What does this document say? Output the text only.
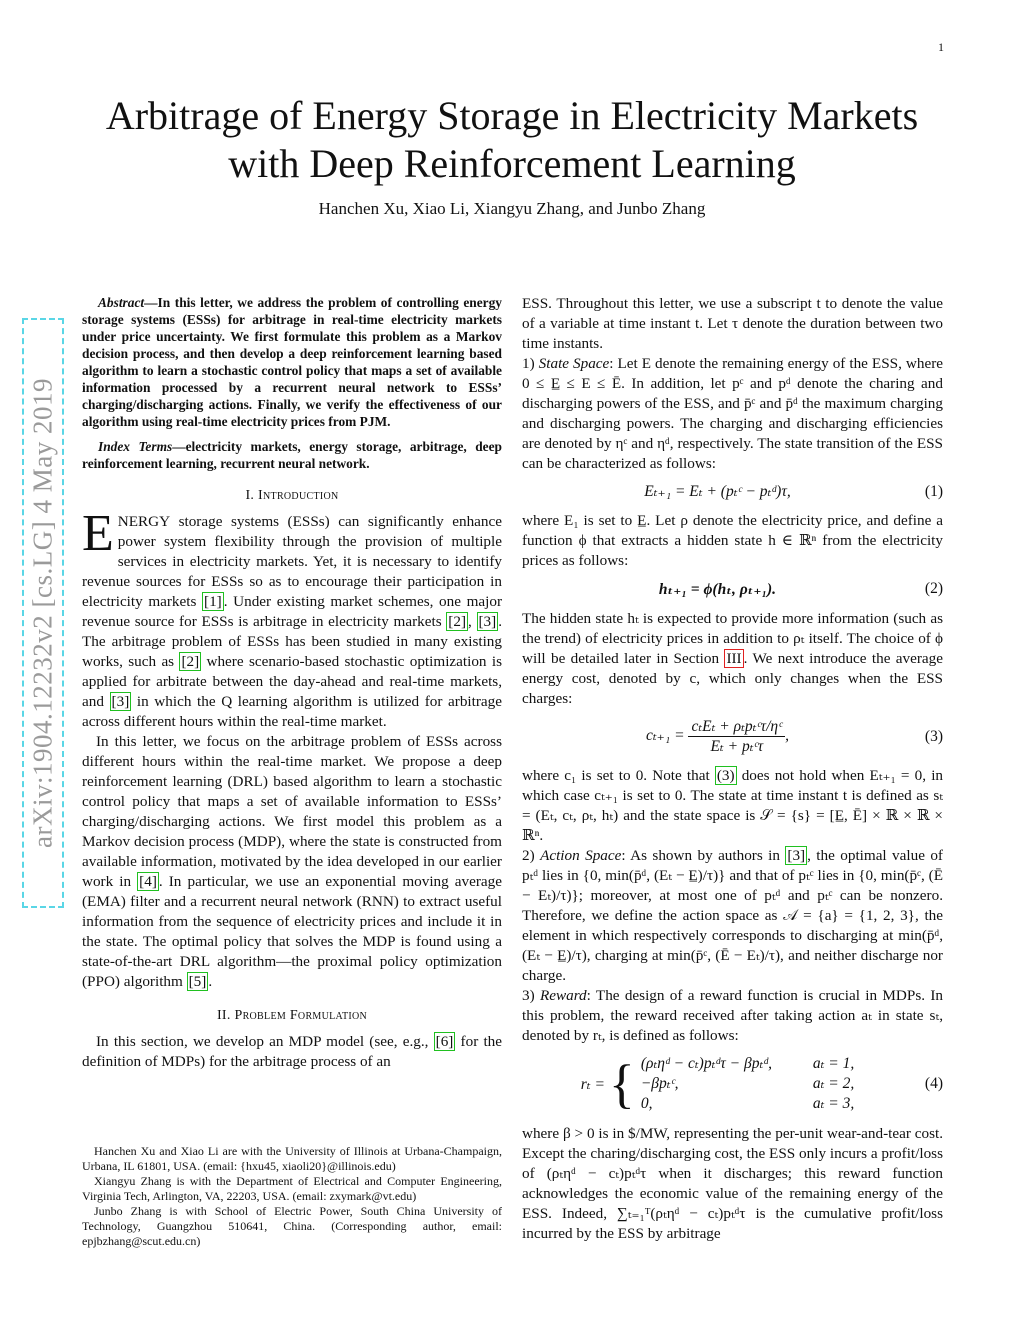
1
arXiv:1904.12232v2 [cs.LG] 4 May 2019
Arbitrage of Energy Storage in Electricity Markets
with Deep Reinforcement Learning
Hanchen Xu, Xiao Li, Xiangyu Zhang, and Junbo Zhang

Abstract—In this letter, we address the problem of controlling energy storage systems (ESSs) for arbitrage in real-time electricity markets under price uncertainty. We first formulate this problem as a Markov decision process, and then develop a deep reinforcement learning based algorithm to learn a stochastic control policy that maps a set of available information processed by a recurrent neural network to ESSs’ charging/discharging actions. Finally, we verify the effectiveness of our algorithm using real-time electricity prices from PJM.

Index Terms—electricity markets, energy storage, arbitrage, deep reinforcement learning, recurrent neural network.

I. Introduction

ENERGY storage systems (ESSs) can significantly enhance power system flexibility through the provision of multiple services in electricity markets. Yet, it is necessary to identify revenue sources for ESSs so as to encourage their participation in electricity markets [1] . Under existing market schemes, one major revenue source for ESSs is arbitrage in electricity markets [2] , [3] . The arbitrage problem of ESSs has been studied in many existing works, such as [2] where scenario-based stochastic optimization is applied for arbitrate between the day-ahead and real-time markets, and [3] in which the Q learning algorithm is utilized for arbitrage across different hours within the real-time market.

In this letter, we focus on the arbitrage problem of ESSs across different hours within the real-time market. We propose a deep reinforcement learning (DRL) based algorithm to learn a stochastic control policy that maps a set of available information to ESSs’ charging/discharging actions. We first model this problem as a Markov decision process (MDP), where the state is constructed from available information, motivated by the idea developed in our earlier work in [4] . In particular, we use an exponential moving average (EMA) filter and a recurrent neural network (RNN) to extract useful information from the sequence of electricity prices and include it in the state. The optimal policy that solves the MDP is found using a state-of-the-art DRL algorithm—the proximal policy optimization (PPO) algorithm [5] .

II. Problem Formulation

In this section, we develop an MDP model (see, e.g., [6] for the definition of MDPs) for the arbitrage process of an

Hanchen Xu and Xiao Li are with the University of Illinois at Urbana-Champaign, Urbana, IL 61801, USA. (email: {hxu45, xiaoli20}@illinois.edu)

Xiangyu Zhang is with the Department of Electrical and Computer Engineering, Virginia Tech, Arlington, VA, 22203, USA. (email: zxymark@vt.edu)

Junbo Zhang is with School of Electric Power, South China University of Technology, Guangzhou 510641, China. (Corresponding author, email: epjbzhang@scut.edu.cn)

ESS. Throughout this letter, we use a subscript t to denote the value of a variable at time instant t. Let τ denote the duration between two time instants.

1) State Space: Let E denote the remaining energy of the ESS, where 0 ≤ E̲ ≤ E ≤ Ē. In addition, let pᶜ and pᵈ denote the charing and discharging powers of the ESS, and p̄ᶜ and p̄ᵈ the maximum charging and discharging powers. The charging and discharging efficiencies are denoted by ηᶜ and ηᵈ, respectively. The state transition of the ESS can be characterized as follows:

Eₜ₊₁ = Eₜ + (pₜᶜ − pₜᵈ)τ,	(1)

where E₁ is set to E̲. Let ρ denote the electricity price, and define a function ϕ that extracts a hidden state h ∈ ℝⁿ from the electricity prices as follows:

hₜ₊₁ = ϕ(hₜ, ρₜ₊₁).	(2)

The hidden state hₜ is expected to provide more information (such as the trend) of electricity prices in addition to ρₜ itself. The choice of ϕ will be detailed later in Section III . We next introduce the average energy cost, denoted by c, which only changes when the ESS charges:

$c_{t+1} = \frac{\text{cₜEₜ + ρₜpₜᶜτ/ηᶜ}}{\text{Eₜ + pₜᶜτ}}$ ,	(3)

where c₁ is set to 0. Note that (3) does not hold when Eₜ₊₁ = 0, in which case cₜ₊₁ is set to 0. The state at time instant t is defined as sₜ = (Eₜ, cₜ, ρₜ, hₜ) and the state space is 𝒮 = {s} = [E̲, Ē] × ℝ × ℝ × ℝⁿ.

2) Action Space: As shown by authors in [3] , the optimal value of pₜᵈ lies in {0, min(p̄ᵈ, (Eₜ − E̲)/τ)} and that of pₜᶜ lies in {0, min(p̄ᶜ, (Ē − Eₜ)/τ)}; moreover, at most one of pₜᵈ and pₜᶜ can be nonzero. Therefore, we define the action space as 𝒜 = {a} = {1, 2, 3}, the element in which respectively corresponds to discharging at min(p̄ᵈ, (Eₜ − E̲)/τ), charging at min(p̄ᶜ, (Ē − Eₜ)/τ), and neither discharge nor charge.

3) Reward: The design of a reward function is crucial in MDPs. In this problem, the reward received after taking action aₜ in state sₜ, denoted by rₜ, is defined as follows:

rₜ = { (ρₜηᵈ − cₜ)pₜᵈτ − βpₜᵈ,	aₜ = 1,
−βpₜᶜ,	aₜ = 2,
0,	aₜ = 3,
(4)

where β > 0 is in $/MW, representing the per-unit wear-and-tear cost. Except the charing/discharging cost, the ESS only incurs a profit/loss of (ρₜηᵈ − cₜ)pₜᵈτ when it discharges; this reward function acknowledges the economic value of the remaining energy of the ESS. Indeed, ∑ₜ₌₁ᵀ(ρₜηᵈ − cₜ)pₜᵈτ is the cumulative profit/loss incurred by the ESS by arbitrage
